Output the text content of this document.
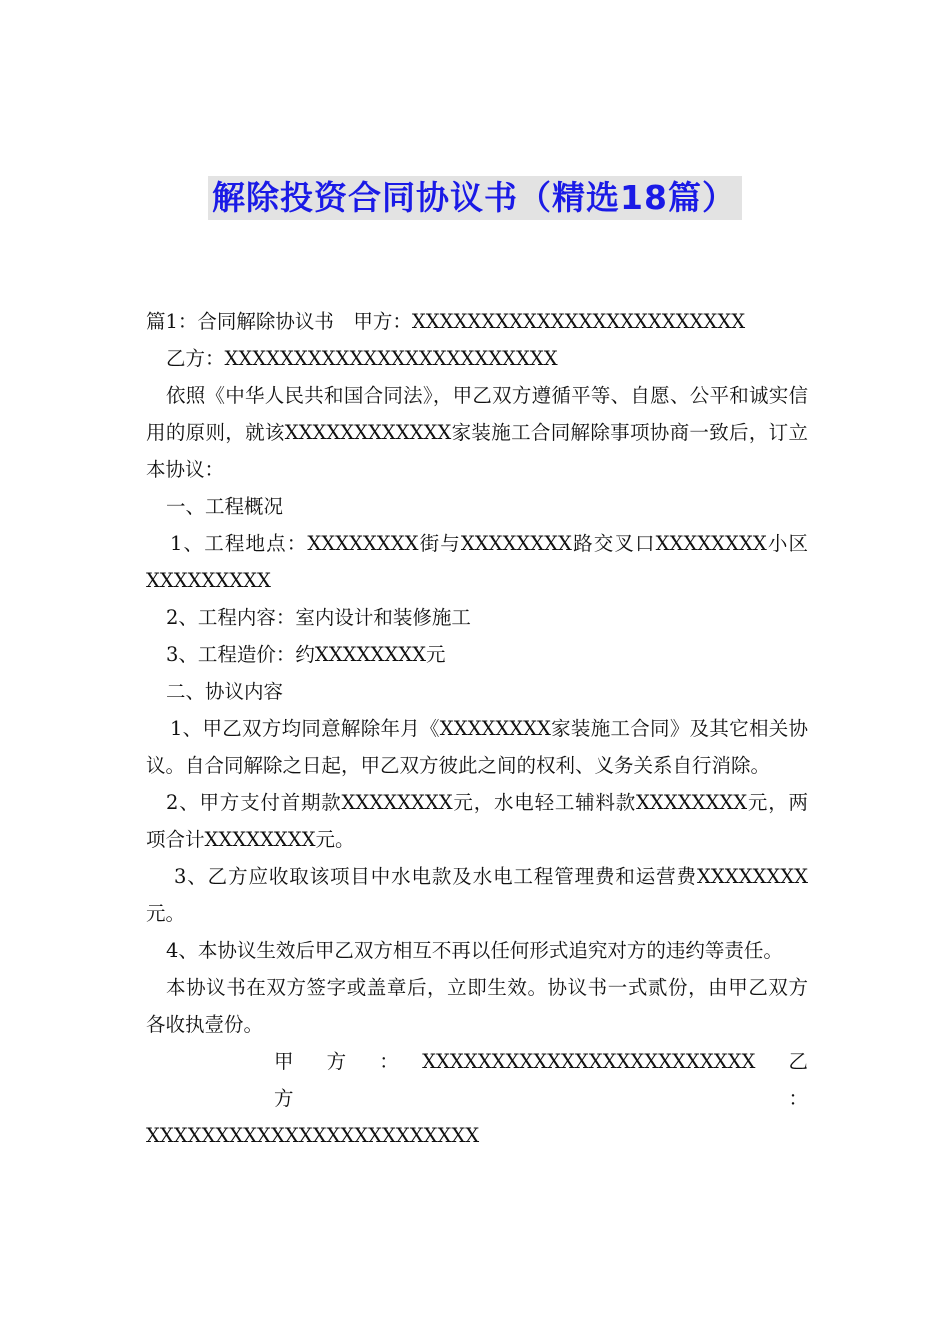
解除投资合同协议书（精选18篇）

篇1：合同解除协议书　甲方：XXXXXXXXXXXXXXXXXXXXXXXX

乙方：XXXXXXXXXXXXXXXXXXXXXXXX

依照《中华人民共和国合同法》，甲乙双方遵循平等、自愿、公平和诚实信用的原则，就该XXXXXXXXXXXX家装施工合同解除事项协商一致后，订立本协议：

一、工程概况

1、工程地点：XXXXXXXX街与XXXXXXXX路交叉口XXXXXXXX小区XXXXXXXXX

2、工程内容：室内设计和装修施工

3、工程造价：约XXXXXXXX元

二、协议内容

1、甲乙双方均同意解除年月《XXXXXXXX家装施工合同》及其它相关协议。自合同解除之日起，甲乙双方彼此之间的权利、义务关系自行消除。

2、甲方支付首期款XXXXXXXX元，水电轻工辅料款XXXXXXXX元，两项合计XXXXXXXX元。

3、乙方应收取该项目中水电款及水电工程管理费和运营费XXXXXXXX元。

4、本协议生效后甲乙双方相互不再以任何形式追究对方的违约等责任。

本协议书在双方签字或盖章后，立即生效。协议书一式贰份，由甲乙双方各收执壹份。

甲　方　：　XXXXXXXXXXXXXXXXXXXXXXXX　乙　方　：

XXXXXXXXXXXXXXXXXXXXXXXX
